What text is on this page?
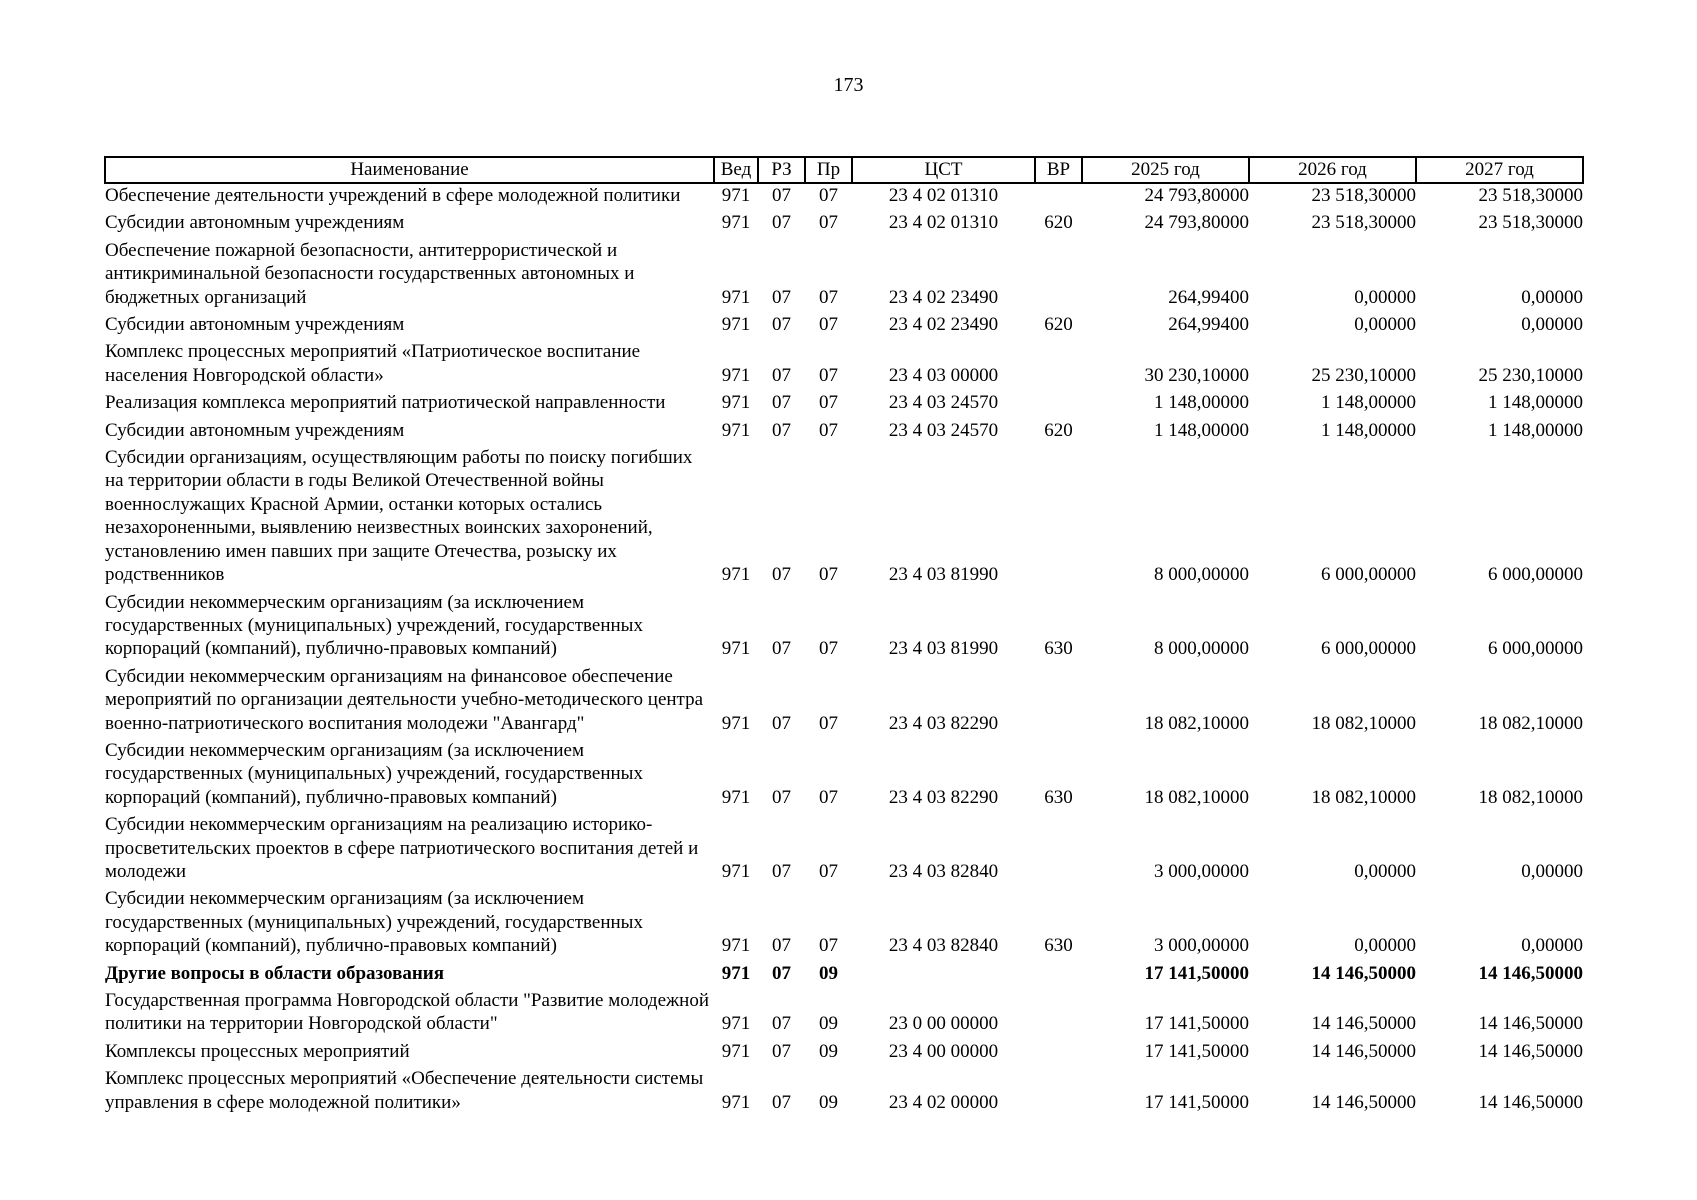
173
Наименование	Вед	РЗ	Пр	ЦСТ	ВР	2025 год	2026 год	2027 год
Обеспечение деятельности учреждений в сфере молодежной политики	971	07	07	23 4 02 01310		24 793,80000	23 518,30000	23 518,30000
Субсидии автономным учреждениям	971	07	07	23 4 02 01310	620	24 793,80000	23 518,30000	23 518,30000
Обеспечение пожарной безопасности, антитеррористической и антикриминальной безопасности государственных автономных и бюджетных организаций	971	07	07	23 4 02 23490		264,99400	0,00000	0,00000
Субсидии автономным учреждениям	971	07	07	23 4 02 23490	620	264,99400	0,00000	0,00000
Комплекс процессных мероприятий «Патриотическое воспитание населения Новгородской области»	971	07	07	23 4 03 00000		30 230,10000	25 230,10000	25 230,10000
Реализация комплекса мероприятий патриотической направленности	971	07	07	23 4 03 24570		1 148,00000	1 148,00000	1 148,00000
Субсидии автономным учреждениям	971	07	07	23 4 03 24570	620	1 148,00000	1 148,00000	1 148,00000
Субсидии организациям, осуществляющим работы по поиску погибших на территории области в годы Великой Отечественной войны военнослужащих Красной Армии, останки которых остались незахороненными, выявлению неизвестных воинских захоронений, установлению имен павших при защите Отечества, розыску их родственников	971	07	07	23 4 03 81990		8 000,00000	6 000,00000	6 000,00000
Субсидии некоммерческим организациям (за исключением государственных (муниципальных) учреждений, государственных корпораций (компаний), публично-правовых компаний)	971	07	07	23 4 03 81990	630	8 000,00000	6 000,00000	6 000,00000
Субсидии некоммерческим организациям на финансовое обеспечение мероприятий по организации деятельности учебно-методического центра военно-патриотического воспитания молодежи "Авангард"	971	07	07	23 4 03 82290		18 082,10000	18 082,10000	18 082,10000
Субсидии некоммерческим организациям (за исключением государственных (муниципальных) учреждений, государственных корпораций (компаний), публично-правовых компаний)	971	07	07	23 4 03 82290	630	18 082,10000	18 082,10000	18 082,10000
Субсидии некоммерческим организациям на реализацию историко-просветительских проектов в сфере патриотического воспитания детей и молодежи	971	07	07	23 4 03 82840		3 000,00000	0,00000	0,00000
Субсидии некоммерческим организациям (за исключением государственных (муниципальных) учреждений, государственных корпораций (компаний), публично-правовых компаний)	971	07	07	23 4 03 82840	630	3 000,00000	0,00000	0,00000
Другие вопросы в области образования	971	07	09			17 141,50000	14 146,50000	14 146,50000
Государственная программа Новгородской области "Развитие молодежной политики на территории Новгородской области"	971	07	09	23 0 00 00000		17 141,50000	14 146,50000	14 146,50000
Комплексы процессных мероприятий	971	07	09	23 4 00 00000		17 141,50000	14 146,50000	14 146,50000
Комплекс процессных мероприятий «Обеспечение деятельности системы управления в сфере молодежной политики»	971	07	09	23 4 02 00000		17 141,50000	14 146,50000	14 146,50000
